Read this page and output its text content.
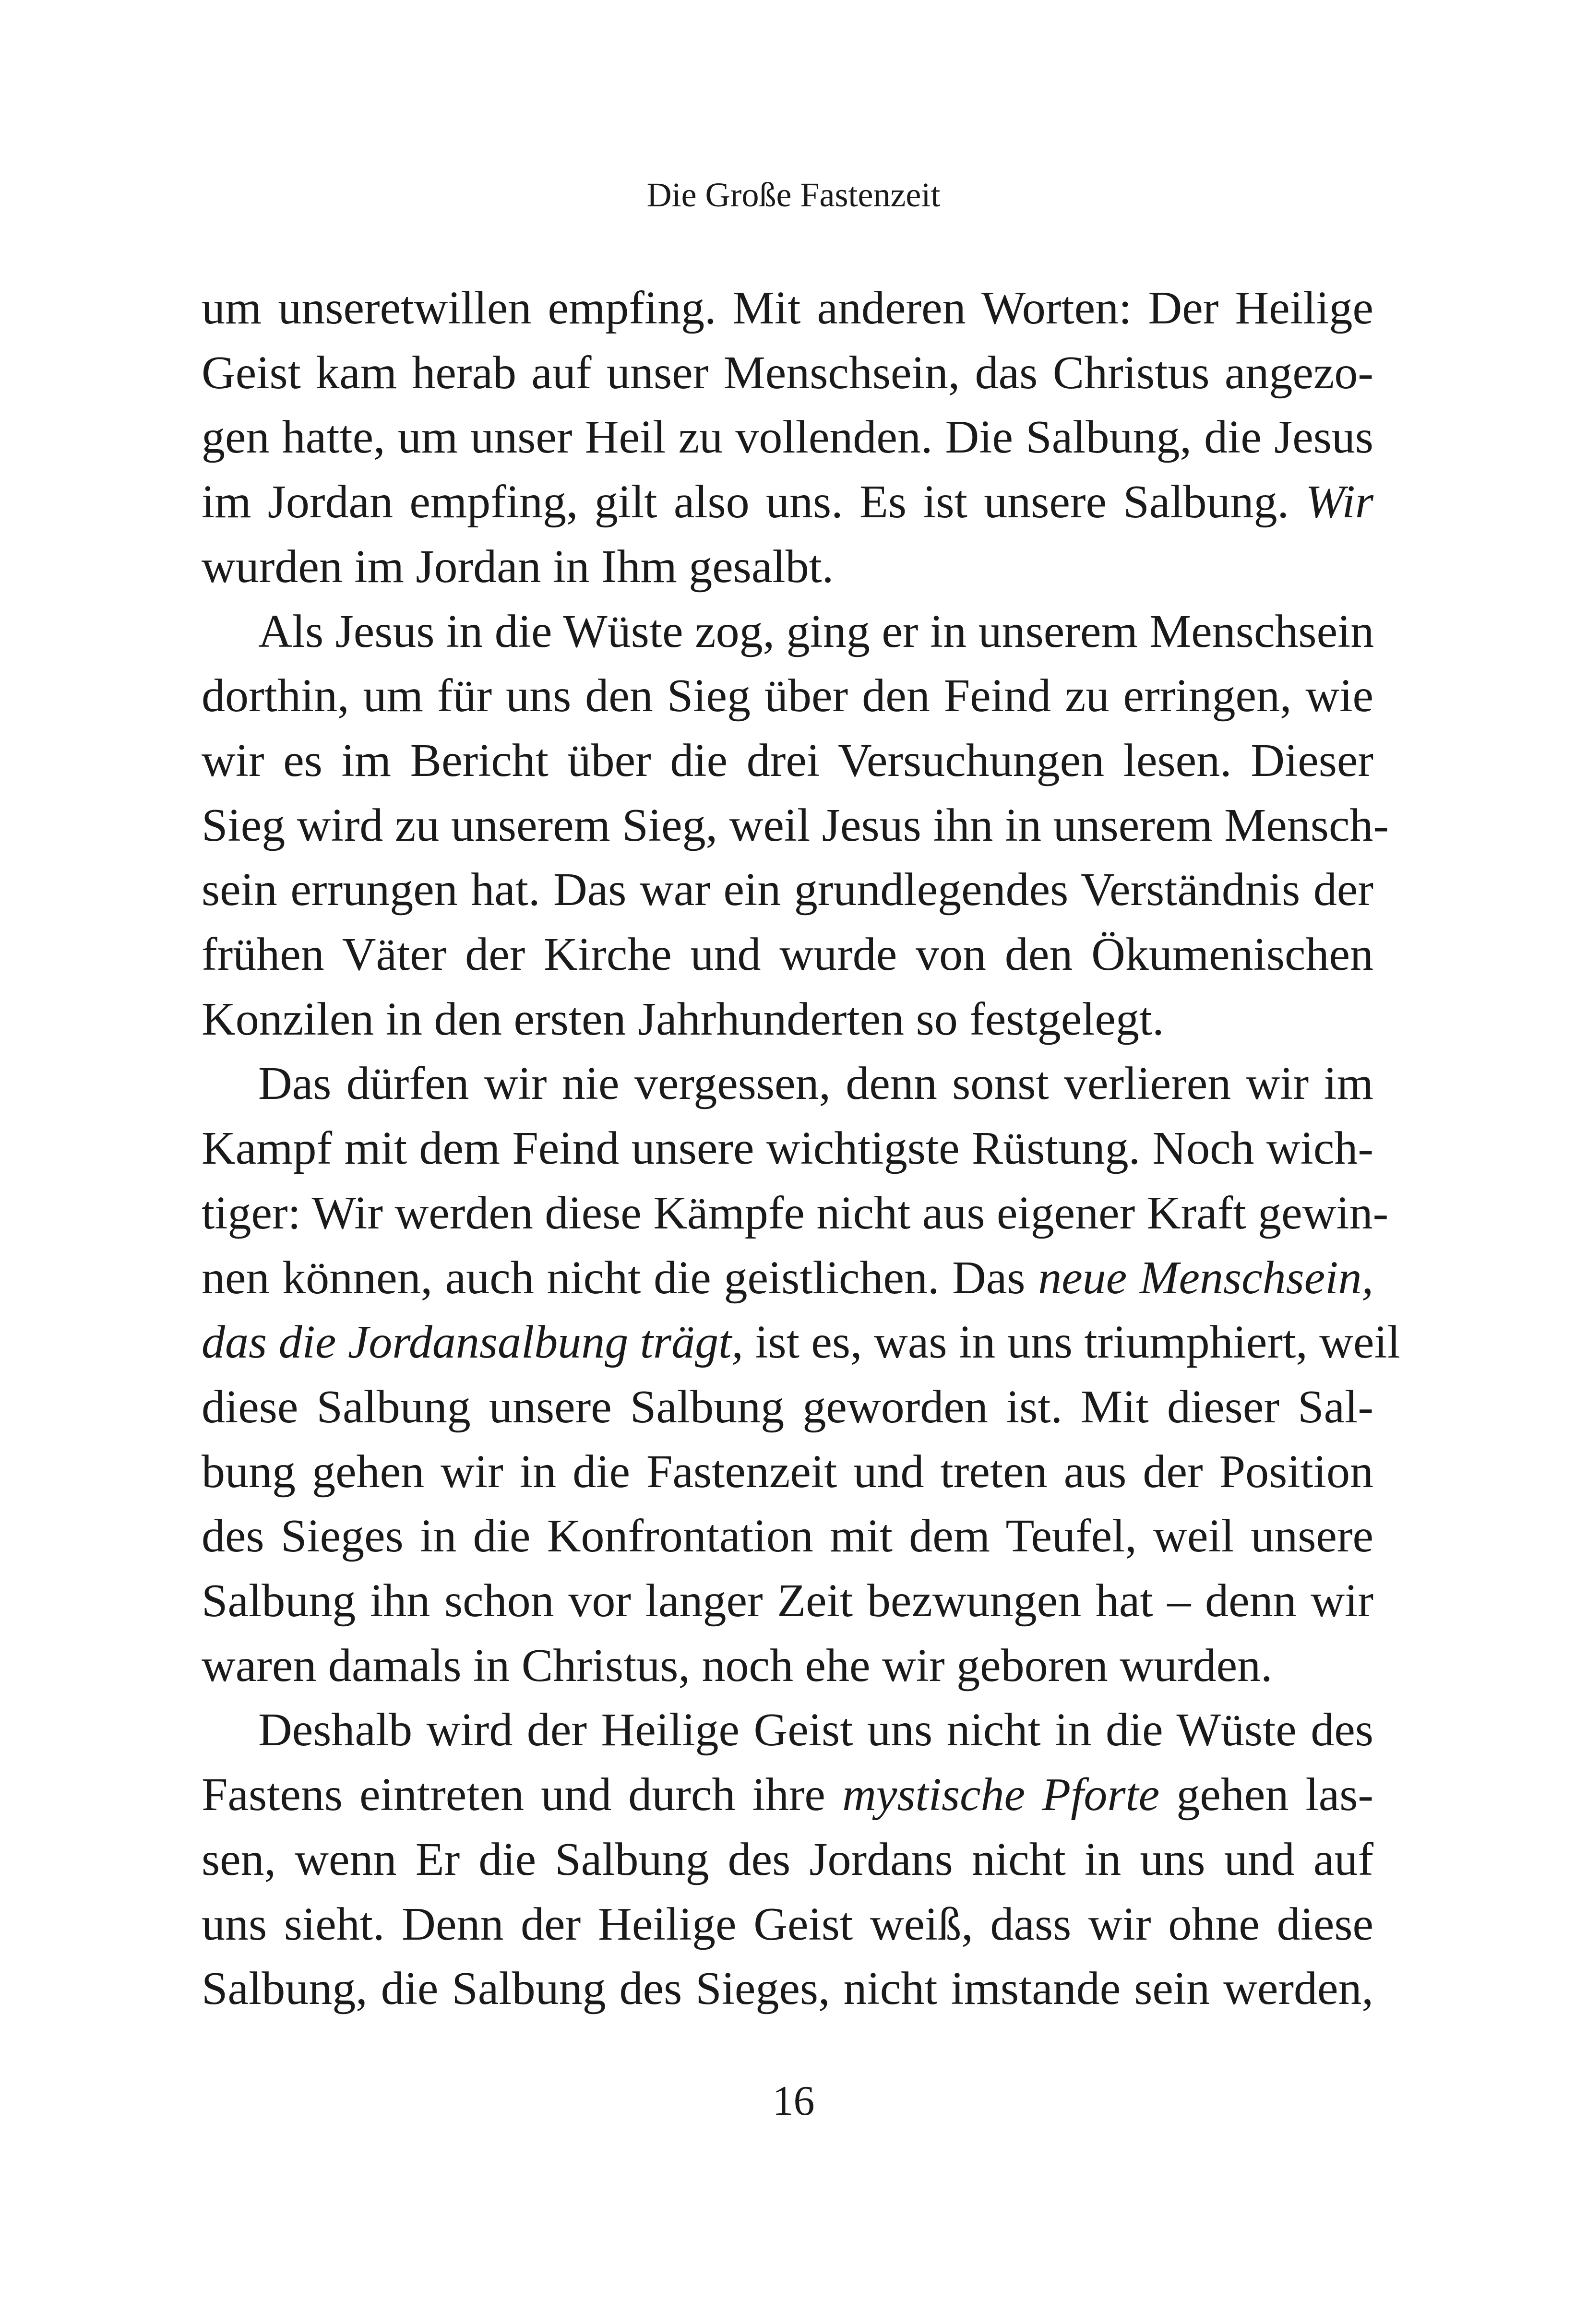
Die Große Fastenzeit
um unseretwillen empfing. Mit anderen Worten: Der Heilige
Geist kam herab auf unser Menschsein, das Christus angezo-
gen hatte, um unser Heil zu vollenden. Die Salbung, die Jesus
im Jordan empfing, gilt also uns. Es ist unsere Salbung. Wir
wurden im Jordan in Ihm gesalbt.
Als Jesus in die Wüste zog, ging er in unserem Menschsein
dorthin, um für uns den Sieg über den Feind zu erringen, wie
wir es im Bericht über die drei Versuchungen lesen. Dieser
Sieg wird zu unserem Sieg, weil Jesus ihn in unserem Mensch-
sein errungen hat. Das war ein grundlegendes Verständnis der
frühen Väter der Kirche und wurde von den Ökumenischen
Konzilen in den ersten Jahrhunderten so festgelegt.
Das dürfen wir nie vergessen, denn sonst verlieren wir im
Kampf mit dem Feind unsere wichtigste Rüstung. Noch wich-
tiger: Wir werden diese Kämpfe nicht aus eigener Kraft gewin-
nen können, auch nicht die geistlichen. Das neue Menschsein,
das die Jordansalbung trägt, ist es, was in uns triumphiert, weil
diese Salbung unsere Salbung geworden ist. Mit dieser Sal-
bung gehen wir in die Fastenzeit und treten aus der Position
des Sieges in die Konfrontation mit dem Teufel, weil unsere
Salbung ihn schon vor langer Zeit bezwungen hat – denn wir
waren damals in Christus, noch ehe wir geboren wurden.
Deshalb wird der Heilige Geist uns nicht in die Wüste des
Fastens eintreten und durch ihre mystische Pforte gehen las-
sen, wenn Er die Salbung des Jordans nicht in uns und auf
uns sieht. Denn der Heilige Geist weiß, dass wir ohne diese
Salbung, die Salbung des Sieges, nicht imstande sein werden,
16
